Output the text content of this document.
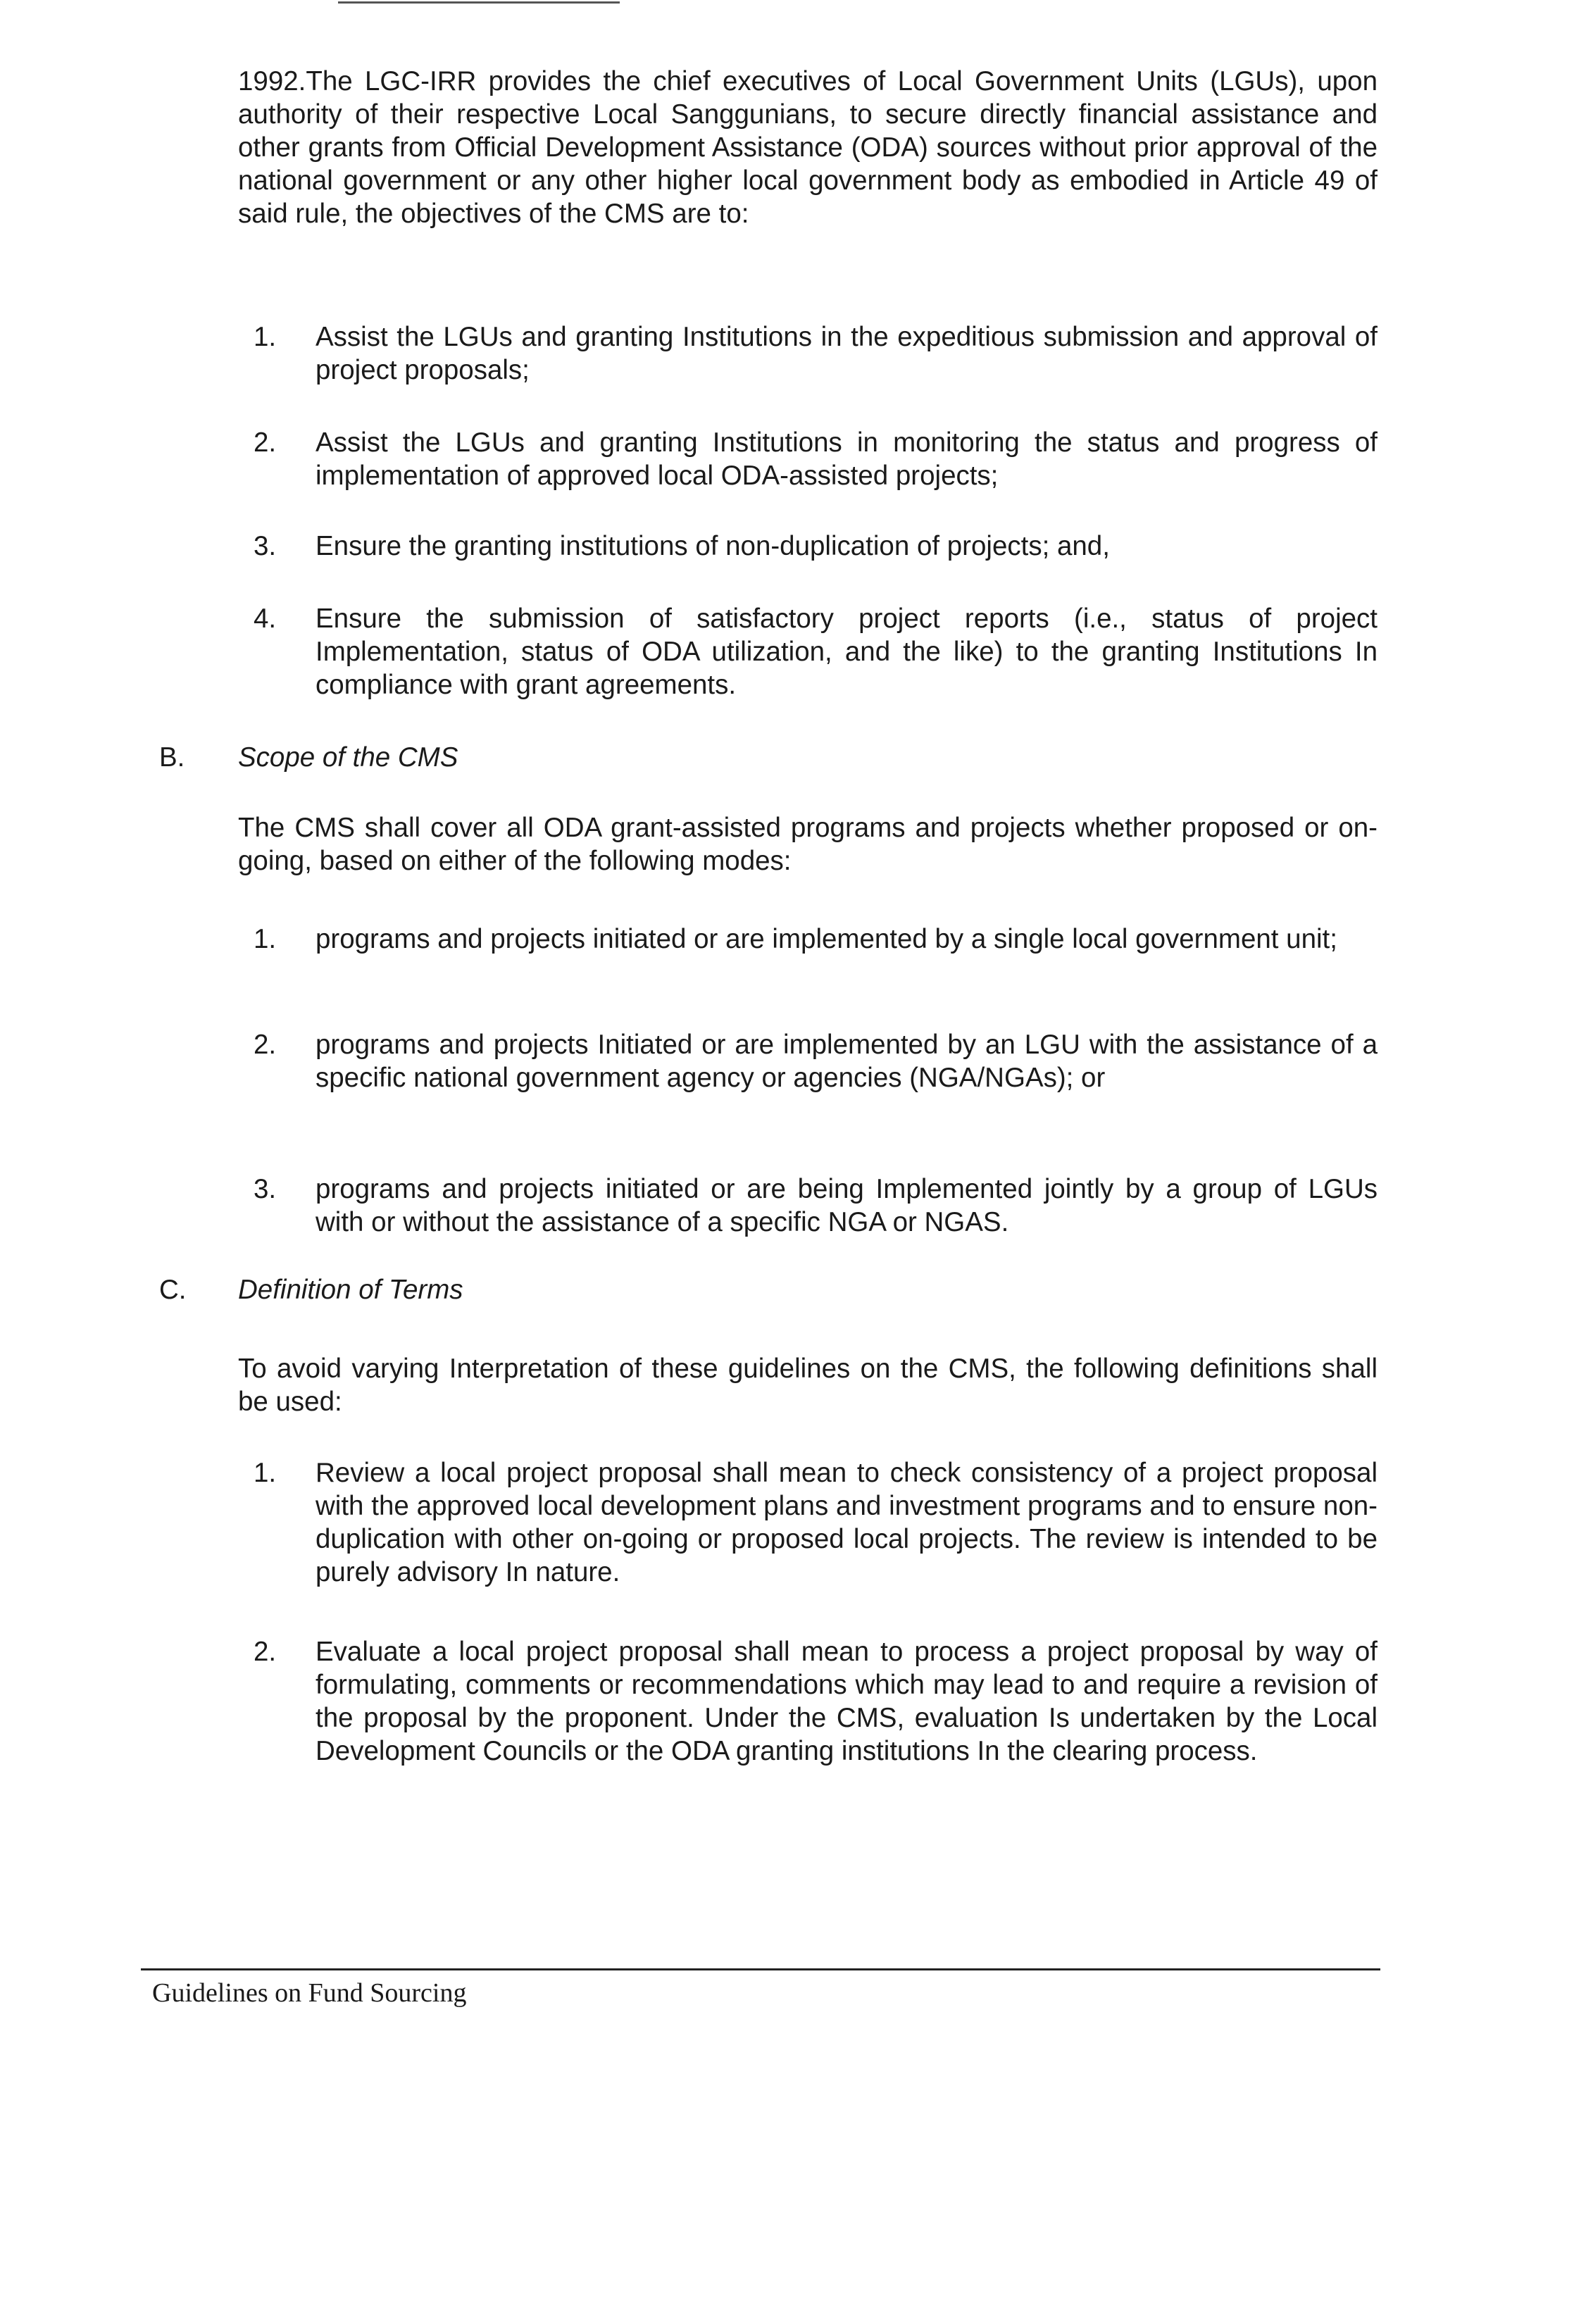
1992.The LGC-IRR provides the chief executives of Local Government Units (LGUs), upon authority of their respective Local Sanggunians, to secure directly financial assistance and other grants from Official Development Assistance (ODA) sources without prior approval of the national government or any other higher local government body as embodied in Article 49 of said rule, the objectives of the CMS are to:

1. Assist the LGUs and granting Institutions in the expeditious submission and approval of project proposals;
2. Assist the LGUs and granting Institutions in monitoring the status and progress of implementation of approved local ODA-assisted projects;
3. Ensure the granting institutions of non-duplication of projects; and,
4. Ensure the submission of satisfactory project reports (i.e., status of project Implementation, status of ODA utilization, and the like) to the granting Institutions In compliance with grant agreements.
B. Scope of the CMS

The CMS shall cover all ODA grant-assisted programs and projects whether proposed or on-going, based on either of the following modes:

1. programs and projects initiated or are implemented by a single local government unit;
2. programs and projects Initiated or are implemented by an LGU with the assistance of a specific national government agency or agencies (NGA/NGAs); or
3. programs and projects initiated or are being Implemented jointly by a group of LGUs with or without the assistance of a specific NGA or NGAS.
C. Definition of Terms

To avoid varying Interpretation of these guidelines on the CMS, the following definitions shall be used:

1. Review a local project proposal shall mean to check consistency of a project proposal with the approved local development plans and investment programs and to ensure non- duplication with other on-going or proposed local projects. The review is intended to be purely advisory In nature.
2. Evaluate a local project proposal shall mean to process a project proposal by way of formulating, comments or recommendations which may lead to and require a revision of the proposal by the proponent. Under the CMS, evaluation Is undertaken by the Local Development Councils or the ODA granting institutions In the clearing process.
Guidelines on Fund Sourcing
